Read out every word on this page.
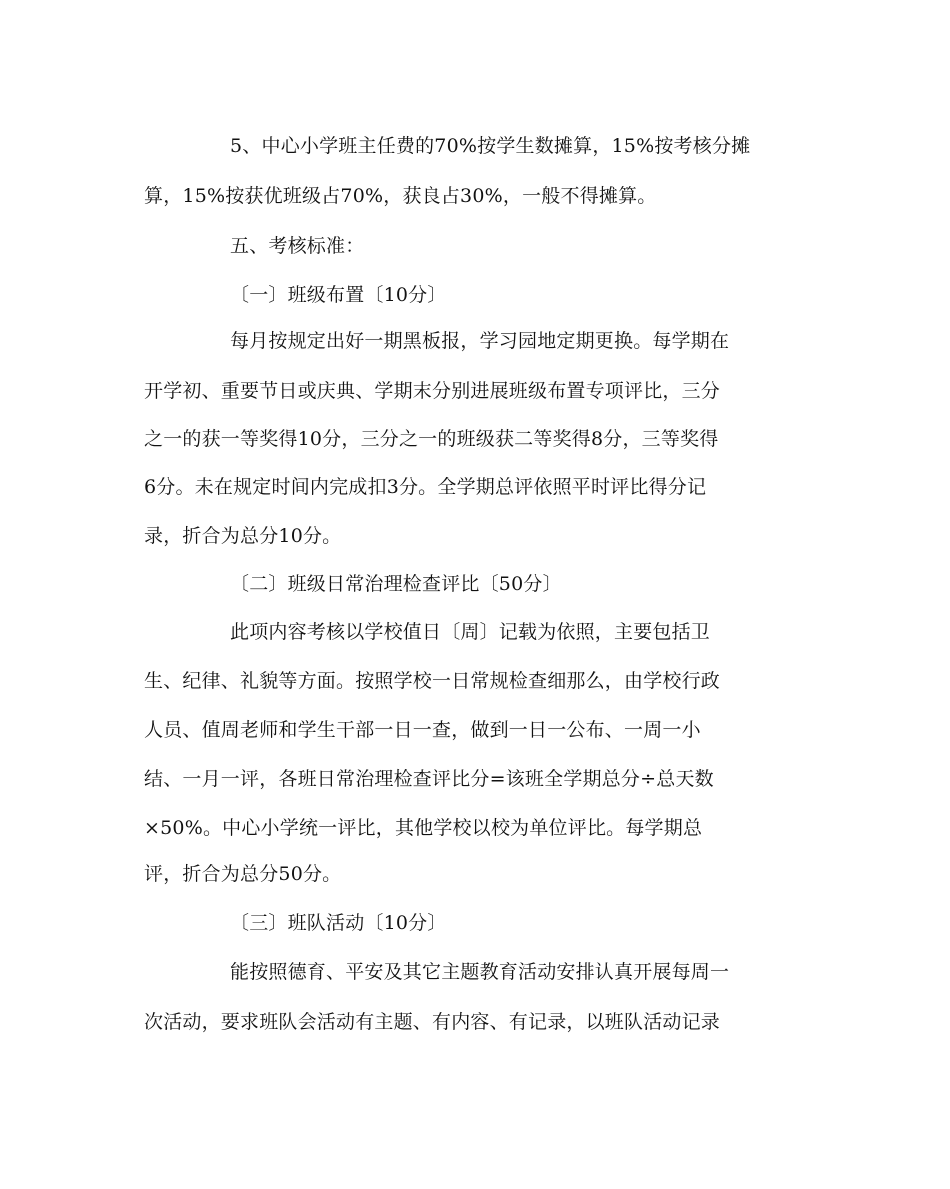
5、中心小学班主任费的70%按学生数摊算，15%按考核分摊
算，15%按获优班级占70%，获良占30%，一般不得摊算。
五、考核标准：
〔一〕班级布置〔10分〕
每月按规定出好一期黑板报，学习园地定期更换。每学期在
开学初、重要节日或庆典、学期末分别进展班级布置专项评比，三分
之一的获一等奖得10分，三分之一的班级获二等奖得8分，三等奖得
6分。未在规定时间内完成扣3分。全学期总评依照平时评比得分记
录，折合为总分10分。
〔二〕班级日常治理检查评比〔50分〕
此项内容考核以学校值日〔周〕记载为依照，主要包括卫
生、纪律、礼貌等方面。按照学校一日常规检查细那么，由学校行政
人员、值周老师和学生干部一日一查，做到一日一公布、一周一小
结、一月一评，各班日常治理检查评比分=该班全学期总分÷总天数
×50%。中心小学统一评比，其他学校以校为单位评比。每学期总
评，折合为总分50分。
〔三〕班队活动〔10分〕
能按照德育、平安及其它主题教育活动安排认真开展每周一
次活动，要求班队会活动有主题、有内容、有记录，以班队活动记录
